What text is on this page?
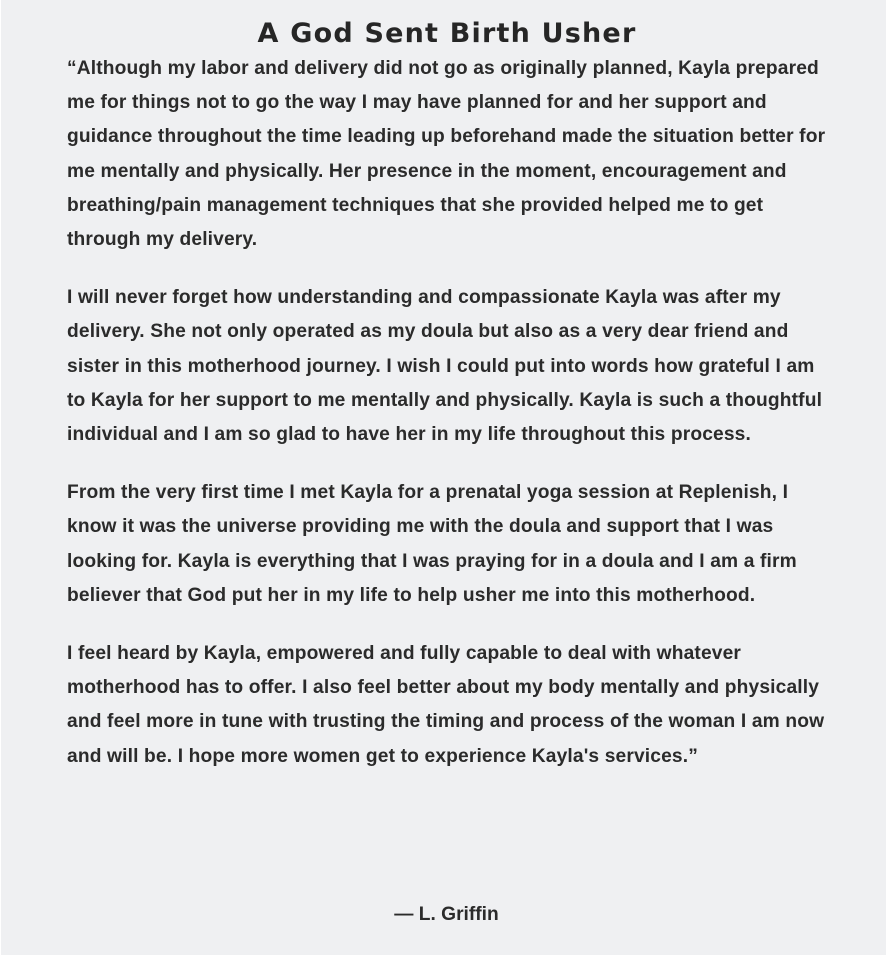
A God Sent Birth Usher

“Although my labor and delivery did not go as originally planned, Kayla prepared me for things not to go the way I may have planned for and her support and guidance throughout the time leading up beforehand made the situation better for me mentally and physically. Her presence in the moment, encouragement and breathing/pain management techniques that she provided helped me to get through my delivery.

I will never forget how understanding and compassionate Kayla was after my delivery. She not only operated as my doula but also as a very dear friend and sister in this motherhood journey. I wish I could put into words how grateful I am to Kayla for her support to me mentally and physically. Kayla is such a thoughtful individual and I am so glad to have her in my life throughout this process.

From the very first time I met Kayla for a prenatal yoga session at Replenish, I know it was the universe providing me with the doula and support that I was looking for. Kayla is everything that I was praying for in a doula and I am a firm believer that God put her in my life to help usher me into this motherhood.

I feel heard by Kayla, empowered and fully capable to deal with whatever motherhood has to offer. I also feel better about my body mentally and physically and feel more in tune with trusting the timing and process of the woman I am now and will be. I hope more women get to experience Kayla's services.”

— L. Griffin
